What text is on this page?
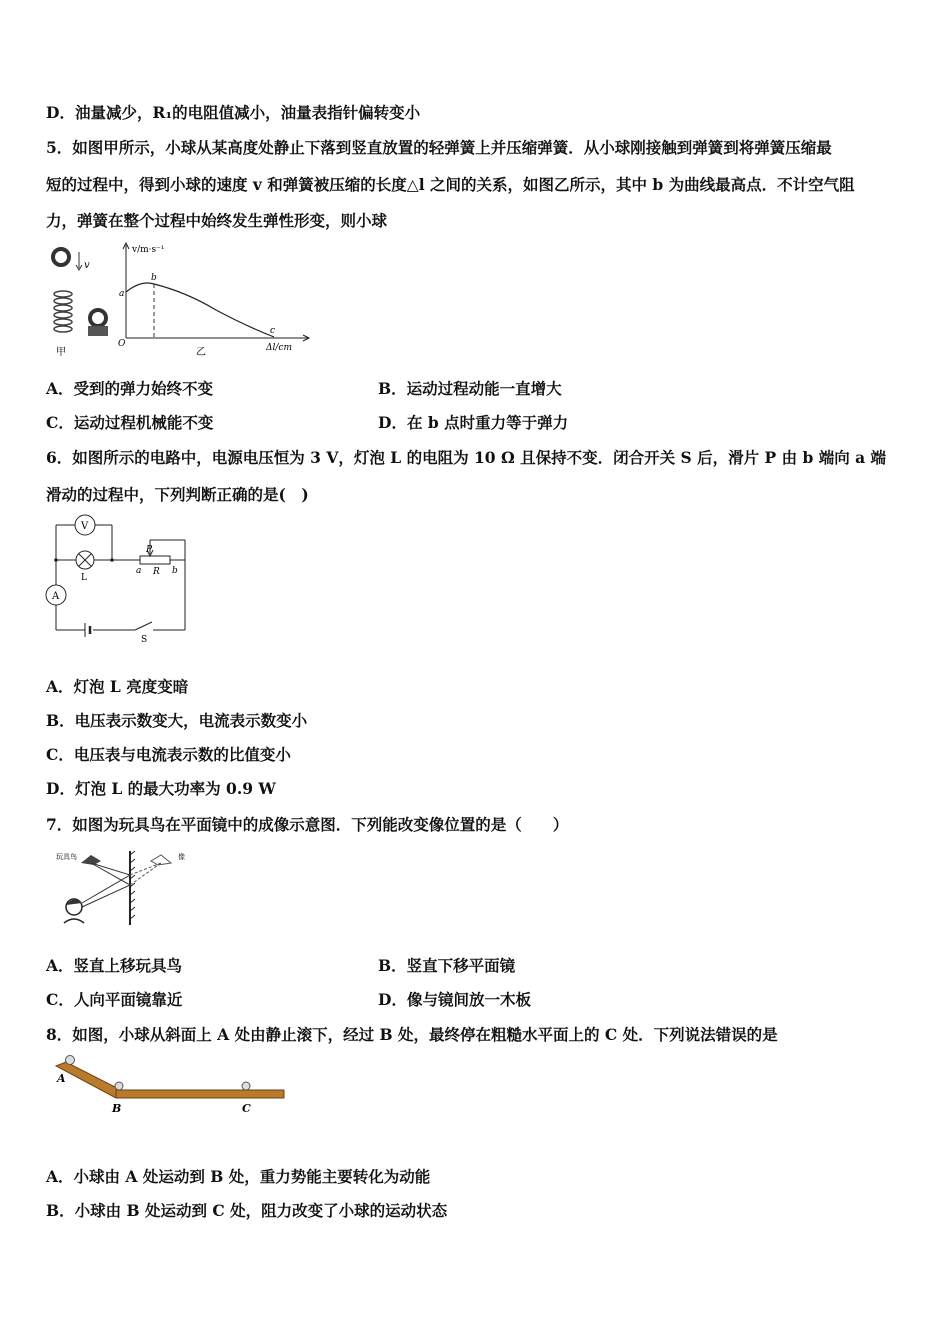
D．油量减少，R₁的电阻值减小，油量表指针偏转变小
5．如图甲所示，小球从某高度处静止下落到竖直放置的轻弹簧上并压缩弹簧．从小球刚接触到弹簧到将弹簧压缩最
短的过程中，得到小球的速度 v 和弹簧被压缩的长度△l 之间的关系，如图乙所示，其中 b 为曲线最高点．不计空气阻
力，弹簧在整个过程中始终发生弹性形变，则小球
v
甲
v/m·s⁻¹
Δl/cm
O
a
b
c
乙
A．受到的弹力始终不变	B．运动过程动能一直增大
C．运动过程机械能不变	D．在 b 点时重力等于弹力
6．如图所示的电路中，电源电压恒为 3 V，灯泡 L 的电阻为 10 Ω 且保持不变．闭合开关 S 后，滑片 P 由 b 端向 a 端
滑动的过程中，下列判断正确的是(　)
V
L
A
P
a R b
S
A．灯泡 L 亮度变暗
B．电压表示数变大，电流表示数变小
C．电压表与电流表示数的比值变小
D．灯泡 L 的最大功率为 0.9 W
7．如图为玩具鸟在平面镜中的成像示意图．下列能改变像位置的是（　　）
玩具鸟	像
A．竖直上移玩具鸟	B．竖直下移平面镜
C．人向平面镜靠近	D．像与镜间放一木板
8．如图，小球从斜面上 A 处由静止滚下，经过 B 处，最终停在粗糙水平面上的 C 处．下列说法错误的是
A
B	C
A．小球由 A 处运动到 B 处，重力势能主要转化为动能
B．小球由 B 处运动到 C 处，阻力改变了小球的运动状态
